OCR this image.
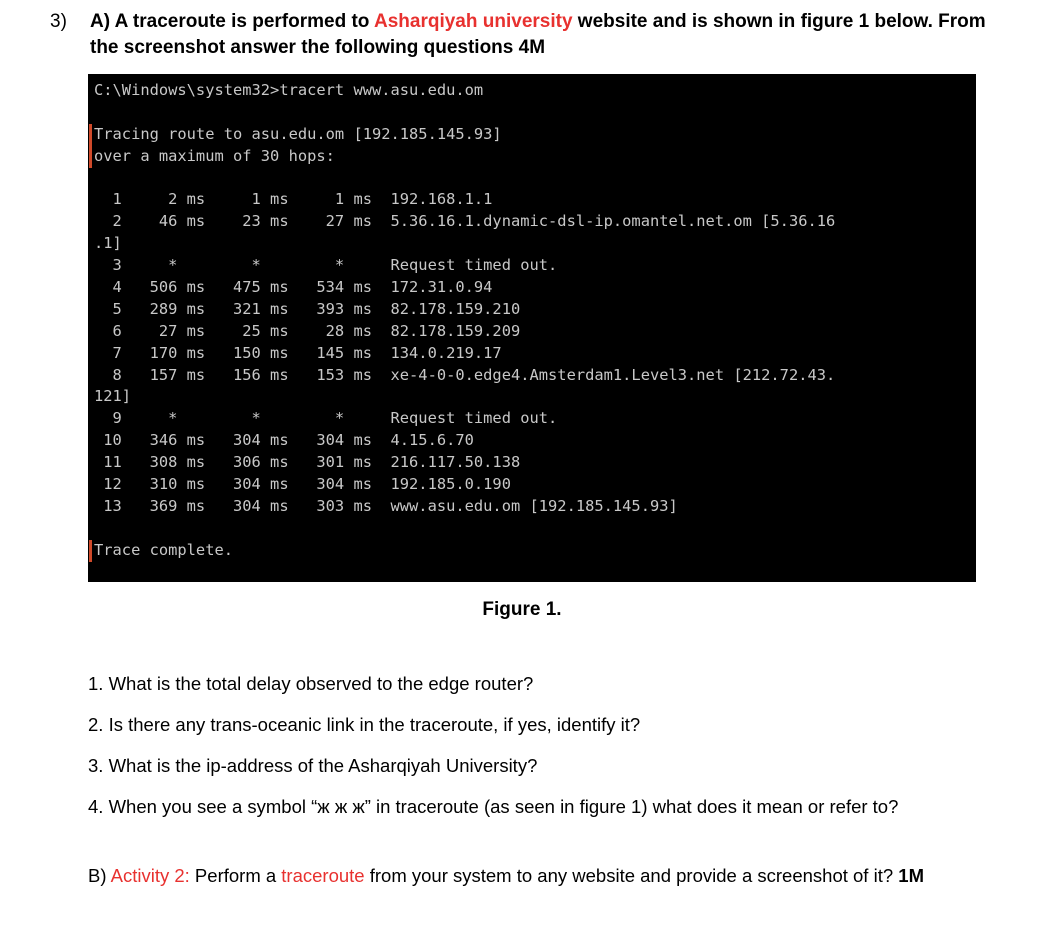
3) A) A traceroute is performed to Asharqiyah university website and is shown in figure 1 below. From the screenshot answer the following questions 4M
C:\Windows\system32>tracert www.asu.edu.om

Tracing route to asu.edu.om [192.185.145.93]
over a maximum of 30 hops:

1     2 ms     1 ms     1 ms  192.168.1.1
2    46 ms    23 ms    27 ms  5.36.16.1.dynamic-dsl-ip.omantel.net.om [5.36.16
.1]
3     *        *        *     Request timed out.
4   506 ms   475 ms   534 ms  172.31.0.94
5   289 ms   321 ms   393 ms  82.178.159.210
6    27 ms    25 ms    28 ms  82.178.159.209
7   170 ms   150 ms   145 ms  134.0.219.17
8   157 ms   156 ms   153 ms  xe-4-0-0.edge4.Amsterdam1.Level3.net [212.72.43.
121]
9     *        *        *     Request timed out.
10   346 ms   304 ms   304 ms  4.15.6.70
11   308 ms   306 ms   301 ms  216.117.50.138
12   310 ms   304 ms   304 ms  192.185.0.190
13   369 ms   304 ms   303 ms  www.asu.edu.om [192.185.145.93]

Trace complete.
Figure 1.
1. What is the total delay observed to the edge router?
2. Is there any trans-oceanic link in the traceroute, if yes, identify it?
3. What is the ip-address of the Asharqiyah University?
4. When you see a symbol “ж ж ж” in traceroute (as seen in figure 1) what does it mean or refer to?
B) Activity 2: Perform a traceroute from your system to any website and provide a screenshot of it? 1M
